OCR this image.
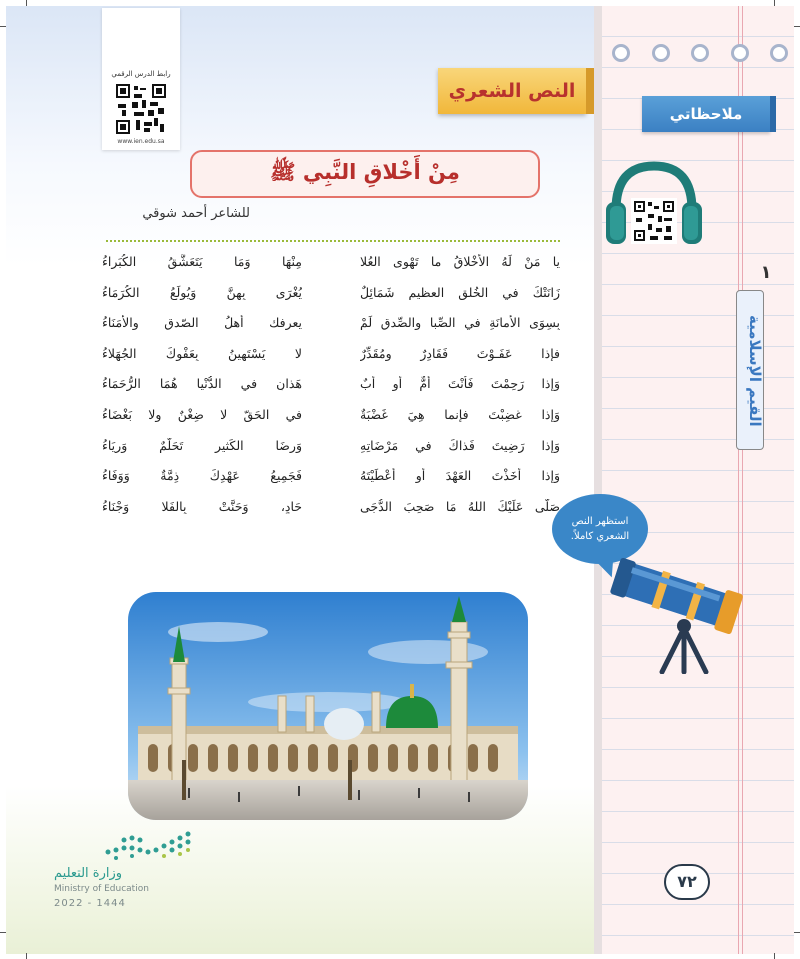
رابط الدرس الرقمي
www.ien.edu.sa
النص الشعري
ملاحظاتي
مِنْ أَخْلاقِ النَّبِي ﷺ
للشاعر أحمد شوقي
يا مَنْ لَهُ الأَخْلاقُ ما تَهْوى العُلا
مِنْهَا وَمَا يَتَعَشَّقُ الكُبَراءُ
زَانَتْكَ في الخُلقِ العظيمِ شَمَائِلٌ
يُغْرَى بِهِنَّ وَيُولَعُ الكُرَمَاءُ
بِسِوَى الأَمانَةِ في الصِّبا والصِّدقِ لَمْ
يعرفك أَهلُ الصّدقِ والأَمَنَاءُ
فإِذا عَفَـوْتَ فَقَادِرٌ ومُقَدِّرٌ
لا يَسْتَهينُ بِعَفْوِكَ الجُهَلاءُ
وَإِذا رَحِمْتَ فَأَنْتَ أُمٌّ أو أَبٌ
هَذانِ في الدُّنْيا هُمَا الرُّحَمَاءُ
وَإِذا غضِبْتَ فإنما هِيَ غَضْبَةٌ
في الحَقّ لا ضِغْنٌ ولا بَغْضَاءُ
وَإِذا رَضِيتَ فَذاكَ في مَرْضَاتِهِ
وَرِضَا الكَثيرِ تَحَلُّمٌ وَرِيَاءُ
وَإِذا أَخَذْتَ العَهْدَ أو أَعْطَيْتَهُ
فَجَمِيعُ عَهْدِكَ ذِمَّةٌ وَوَفَاءُ
صَلَّى عَلَيْكَ اللهُ مَا صَحِبَ الدُّجَى
حَادٍ، وَحَنَّتْ بِالفَلا وَجْنَاءُ
١
القيم الإسلامية
استظهر النص الشعري كاملاً.
وزارة التعليم
Ministry of Education
2022 - 1444
٧٢
